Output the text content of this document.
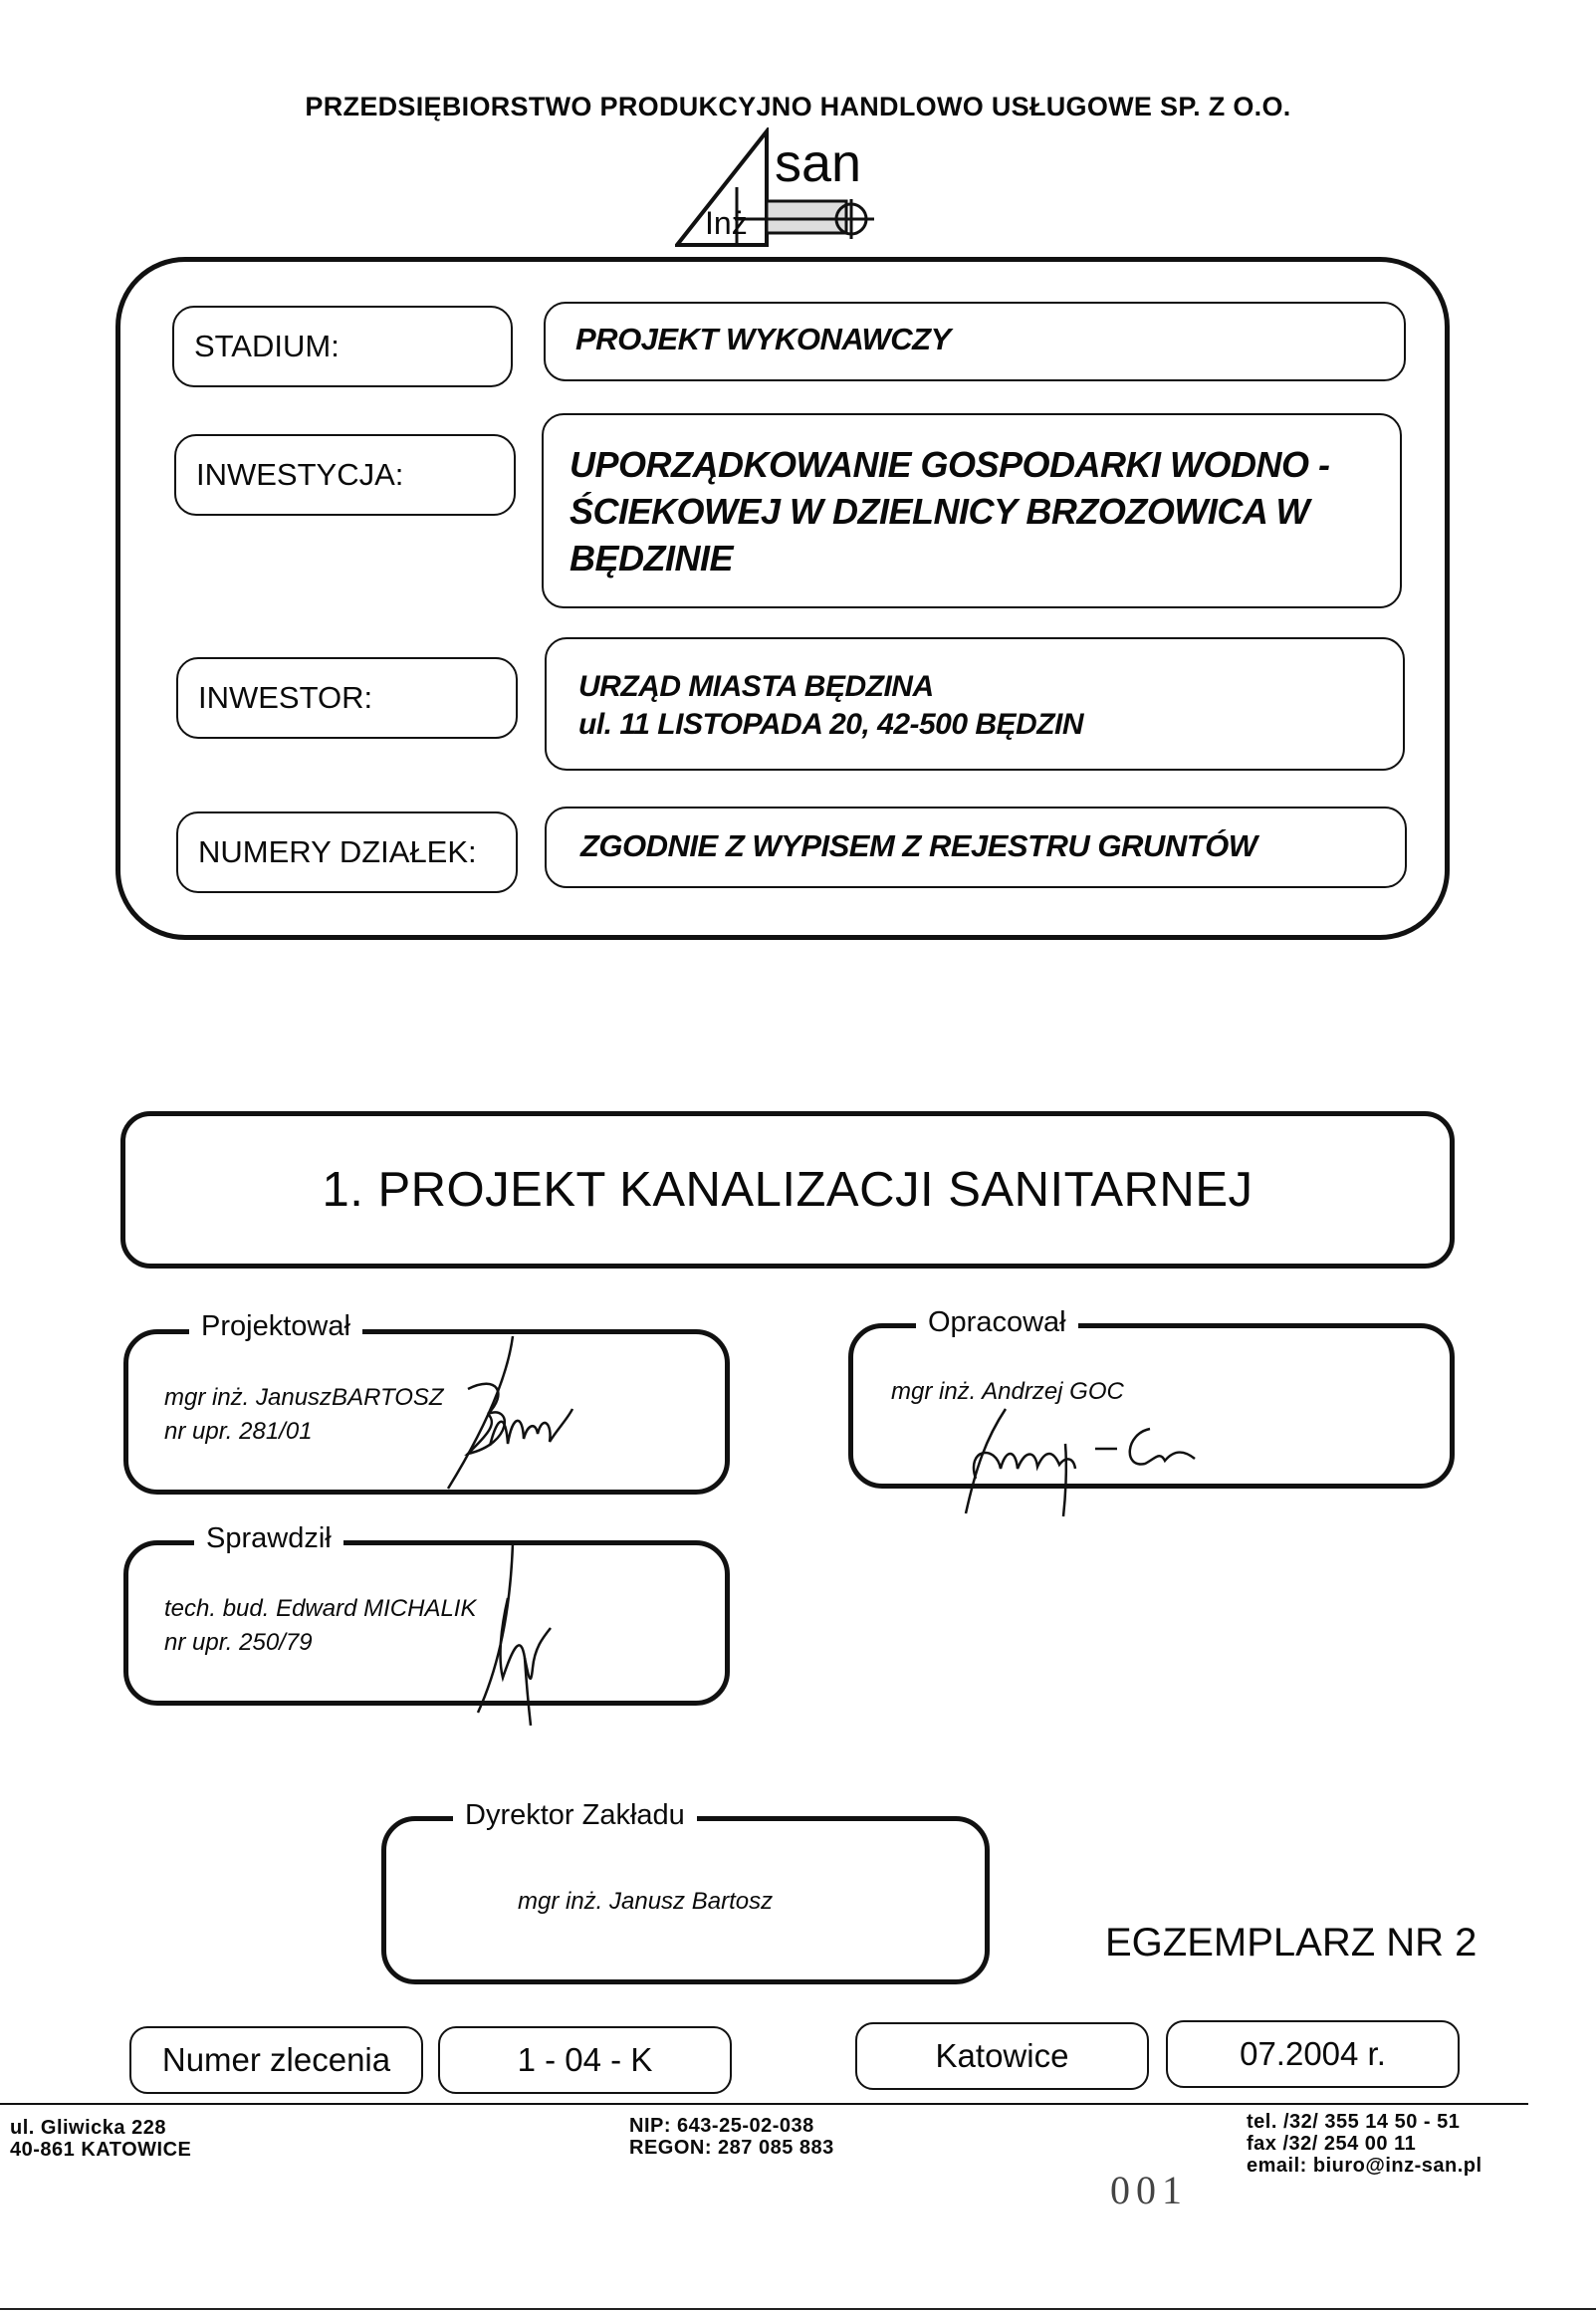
PRZEDSIĘBIORSTWO PRODUKCYJNO HANDLOWO USŁUGOWE SP. Z O.O.
san
Inż
STADIUM:	PROJEKT WYKONAWCZY
INWESTYCJA:	UPORZĄDKOWANIE GOSPODARKI WODNO - ŚCIEKOWEJ W DZIELNICY BRZOZOWICA W BĘDZINIE
INWESTOR:	URZĄD MIASTA BĘDZINA
ul. 11 LISTOPADA 20, 42-500 BĘDZIN
NUMERY DZIAŁEK:	ZGODNIE Z WYPISEM Z REJESTRU GRUNTÓW
1. PROJEKT KANALIZACJI SANITARNEJ
Projektował
mgr inż. JanuszBARTOSZ
nr upr. 281/01
Opracował
mgr inż. Andrzej GOC
Sprawdził
tech. bud. Edward MICHALIK
nr upr. 250/79
Dyrektor Zakładu
mgr inż. Janusz Bartosz
EGZEMPLARZ NR 2
Numer zlecenia	1 - 04 - K	Katowice	07.2004 r.
ul. Gliwicka 228
40-861 KATOWICE
NIP: 643-25-02-038
REGON: 287 085 883
tel. /32/ 355 14 50 - 51
fax /32/ 254 00 11
email: biuro@inz-san.pl
001
